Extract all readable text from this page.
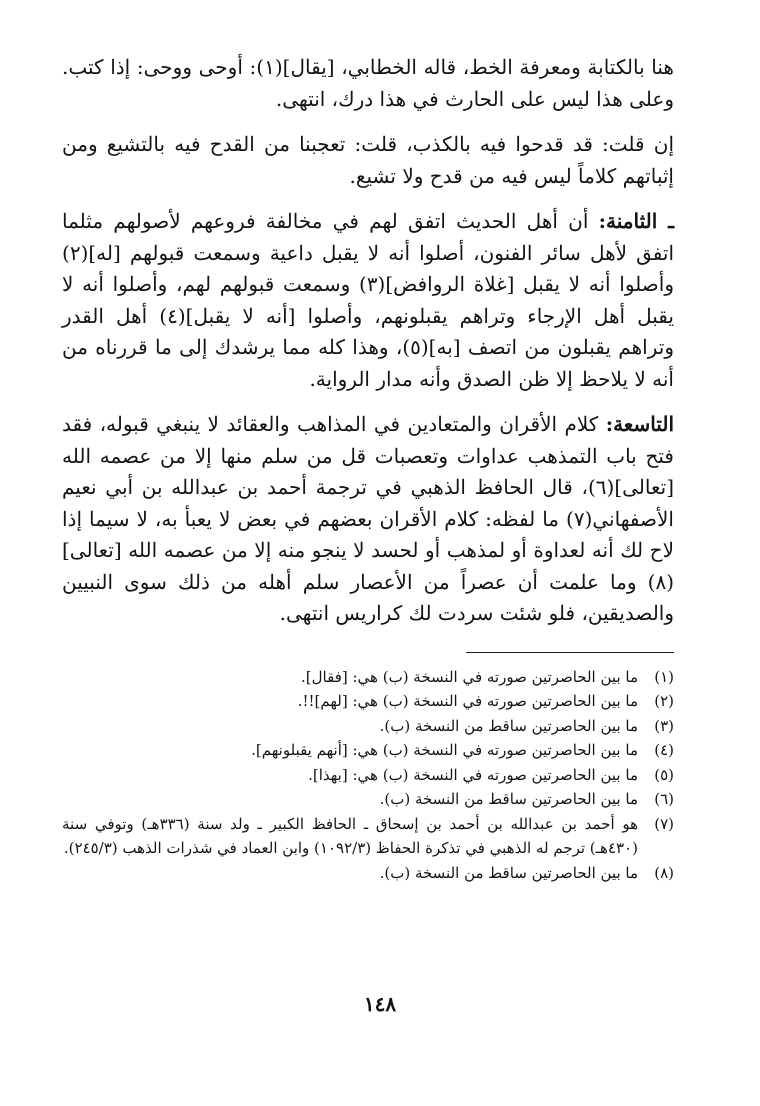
هنا بالكتابة ومعرفة الخط، قاله الخطابي، [يقال](١): أوحى ووحى: إذا كتب. وعلى هذا ليس على الحارث في هذا درك، انتهى.

إن قلت: قد قدحوا فيه بالكذب، قلت: تعجبنا من القدح فيه بالتشيع ومن إثباتهم كلاماً ليس فيه من قدح ولا تشيع.

ـ الثامنة: أن أهل الحديث اتفق لهم في مخالفة فروعهم لأصولهم مثلما اتفق لأهل سائر الفنون، أصلوا أنه لا يقبل داعية وسمعت قبولهم [له](٢) وأصلوا أنه لا يقبل [غلاة الروافض](٣) وسمعت قبولهم لهم، وأصلوا أنه لا يقبل أهل الإرجاء وتراهم يقبلونهم، وأصلوا [أنه لا يقبل](٤) أهل القدر وتراهم يقبلون من اتصف [به](٥)، وهذا كله مما يرشدك إلى ما قررناه من أنه لا يلاحظ إلا ظن الصدق وأنه مدار الرواية.

التاسعة: كلام الأقران والمتعادين في المذاهب والعقائد لا ينبغي قبوله، فقد فتح باب التمذهب عداوات وتعصبات قل من سلم منها إلا من عصمه الله [تعالى](٦)، قال الحافظ الذهبي في ترجمة أحمد بن عبدالله بن أبي نعيم الأصفهاني(٧) ما لفظه: كلام الأقران بعضهم في بعض لا يعبأ به، لا سيما إذا لاح لك أنه لعداوة أو لمذهب أو لحسد لا ينجو منه إلا من عصمه الله [تعالى](٨) وما علمت أن عصراً من الأعصار سلم أهله من ذلك سوى النبيين والصديقين، فلو شئت سردت لك كراريس انتهى.

(١)
ما بين الحاصرتين صورته في النسخة (ب) هي: [فقال].
(٢)
ما بين الحاصرتين صورته في النسخة (ب) هي: [لهم]!!.
(٣)
ما بين الحاصرتين ساقط من النسخة (ب).
(٤)
ما بين الحاصرتين صورته في النسخة (ب) هي: [أنهم يقبلونهم].
(٥)
ما بين الحاصرتين صورته في النسخة (ب) هي: [بهذا].
(٦)
ما بين الحاصرتين ساقط من النسخة (ب).
(٧)
هو أحمد بن عبدالله بن أحمد بن إسحاق ـ الحافظ الكبير ـ ولد سنة (٣٣٦هـ) وتوفي سنة (٤٣٠هـ) ترجم له الذهبي في تذكرة الحفاظ (١٠٩٢/٣) وابن العماد في شذرات الذهب (٢٤٥/٣).
(٨)
ما بين الحاصرتين ساقط من النسخة (ب).
١٤٨
